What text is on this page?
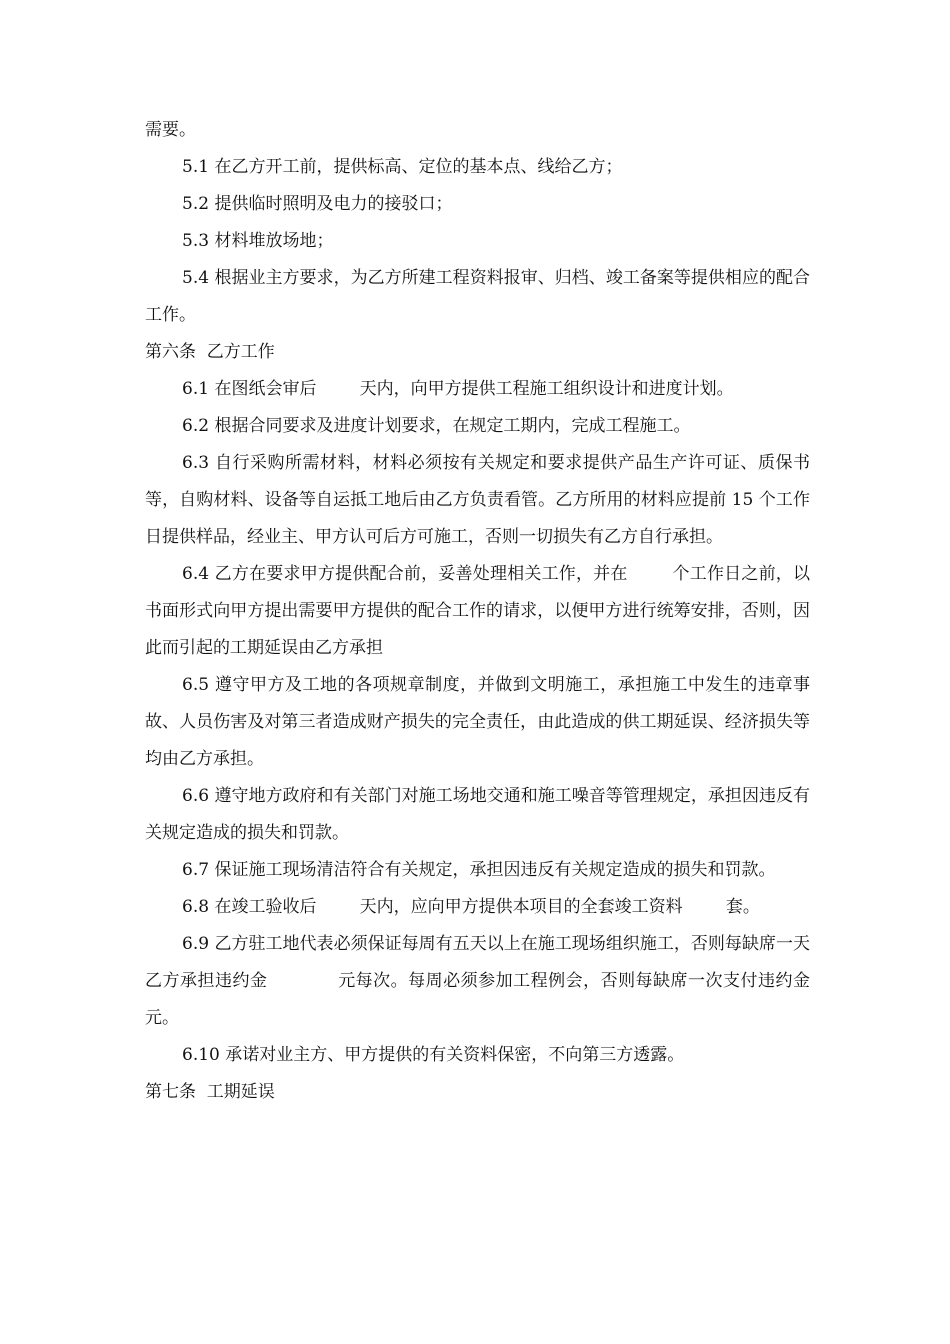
需要。

5.1 在乙方开工前，提供标高、定位的基本点、线给乙方；

5.2 提供临时照明及电力的接驳口；

5.3 材料堆放场地；

5.4 根据业主方要求，为乙方所建工程资料报审、归档、竣工备案等提供相应的配合工作。

第六条  乙方工作

6.1 在图纸会审后        天内，向甲方提供工程施工组织设计和进度计划。

6.2 根据合同要求及进度计划要求，在规定工期内，完成工程施工。

6.3 自行采购所需材料，材料必须按有关规定和要求提供产品生产许可证、质保书等，自购材料、设备等自运抵工地后由乙方负责看管。乙方所用的材料应提前 15 个工作日提供样品，经业主、甲方认可后方可施工，否则一切损失有乙方自行承担。

6.4 乙方在要求甲方提供配合前，妥善处理相关工作，并在        个工作日之前，以书面形式向甲方提出需要甲方提供的配合工作的请求，以便甲方进行统筹安排，否则，因此而引起的工期延误由乙方承担

6.5 遵守甲方及工地的各项规章制度，并做到文明施工，承担施工中发生的违章事故、人员伤害及对第三者造成财产损失的完全责任，由此造成的供工期延误、经济损失等均由乙方承担。

6.6 遵守地方政府和有关部门对施工场地交通和施工噪音等管理规定，承担因违反有关规定造成的损失和罚款。

6.7 保证施工现场清洁符合有关规定，承担因违反有关规定造成的损失和罚款。

6.8 在竣工验收后        天内，应向甲方提供本项目的全套竣工资料        套。

6.9 乙方驻工地代表必须保证每周有五天以上在施工现场组织施工，否则每缺席一天乙方承担违约金            元每次。每周必须参加工程例会，否则每缺席一次支付违约金            元。

6.10 承诺对业主方、甲方提供的有关资料保密，不向第三方透露。

第七条  工期延误
